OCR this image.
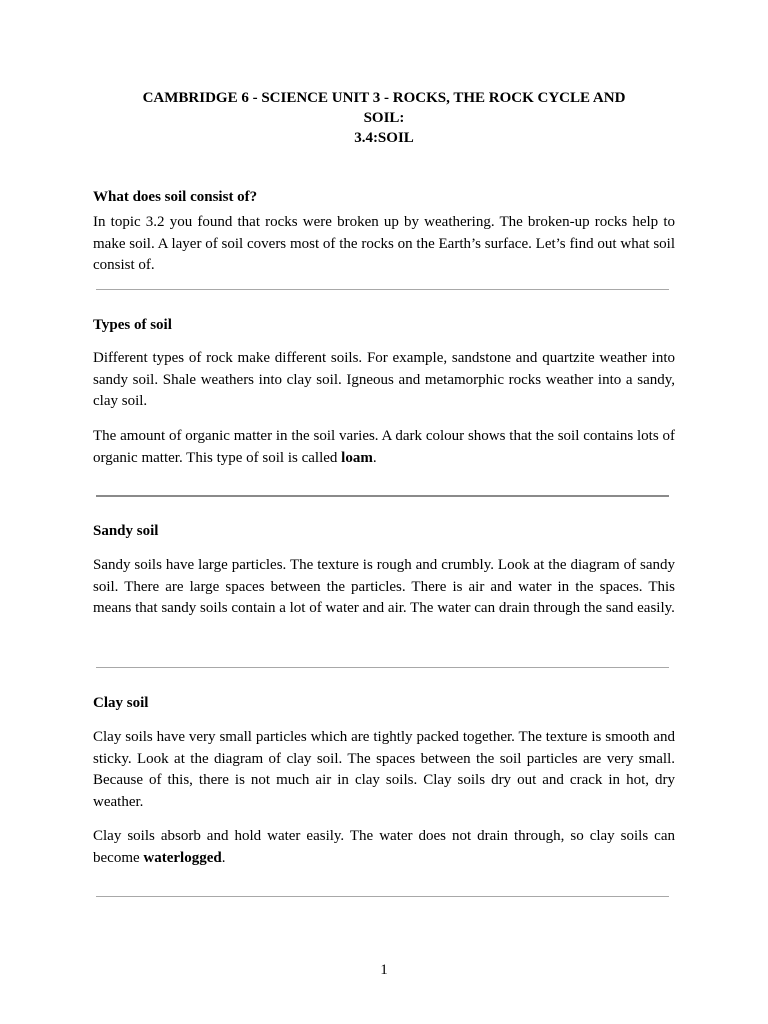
CAMBRIDGE 6 - SCIENCE UNIT 3 - ROCKS, THE ROCK CYCLE AND
SOIL:
3.4:SOIL
What does soil consist of?

In topic 3.2 you found that rocks were broken up by weathering. The broken-up rocks help to make soil. A layer of soil covers most of the rocks on the Earth’s surface. Let’s find out what soil consist of.

Types of soil

Different types of rock make different soils. For example, sandstone and quartzite weather into sandy soil. Shale weathers into clay soil. Igneous and metamorphic rocks weather into a sandy, clay soil.

The amount of organic matter in the soil varies. A dark colour shows that the soil contains lots of organic matter. This type of soil is called loam.

Sandy soil

Sandy soils have large particles. The texture is rough and crumbly. Look at the diagram of sandy soil. There are large spaces between the particles. There is air and water in the spaces. This means that sandy soils contain a lot of water and air. The water can drain through the sand easily.

Clay soil

Clay soils have very small particles which are tightly packed together. The texture is smooth and sticky. Look at the diagram of clay soil. The spaces between the soil particles are very small. Because of this, there is not much air in clay soils. Clay soils dry out and crack in hot, dry weather.

Clay soils absorb and hold water easily. The water does not drain through, so clay soils can become waterlogged.

1
